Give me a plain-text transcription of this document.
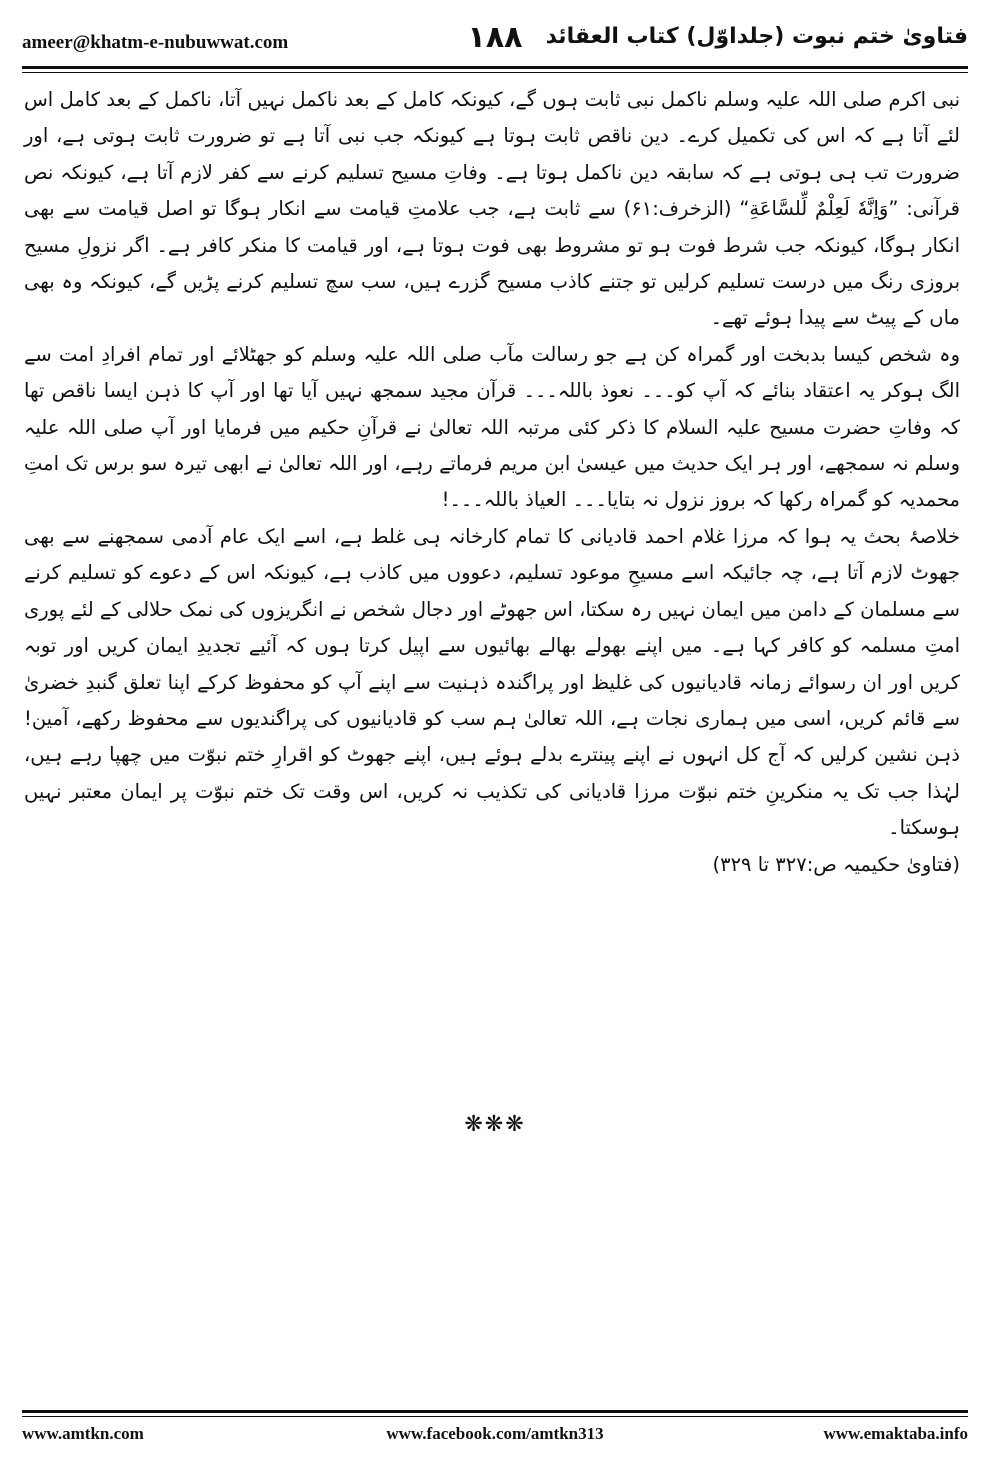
ameer@khatm-e-nubuwwat.com	۱۸۸	فتاویٰ ختم نبوت (جلداوّل) کتاب العقائد

نبی اکرم صلی اللہ علیہ وسلم ناکمل نبی ثابت ہوں گے، کیونکہ کامل کے بعد ناکمل نہیں آتا، ناکمل کے بعد کامل اس لئے آتا ہے کہ اس کی تکمیل کرے۔ دین ناقص ثابت ہوتا ہے کیونکہ جب نبی آتا ہے تو ضرورت ثابت ہوتی ہے، اور ضرورت تب ہی ہوتی ہے کہ سابقہ دین ناکمل ہوتا ہے۔ وفاتِ مسیح تسلیم کرنے سے کفر لازم آتا ہے، کیونکہ نص قرآنی: ”وَاِنَّهٗ لَعِلْمٌ لِّلسَّاعَةِ“ (الزخرف:۶۱) سے ثابت ہے، جب علامتِ قیامت سے انکار ہوگا تو اصل قیامت سے بھی انکار ہوگا، کیونکہ جب شرط فوت ہو تو مشروط بھی فوت ہوتا ہے، اور قیامت کا منکر کافر ہے۔ اگر نزولِ مسیح بروزی رنگ میں درست تسلیم کرلیں تو جتنے کاذب مسیح گزرے ہیں، سب سچ تسلیم کرنے پڑیں گے، کیونکہ وہ بھی ماں کے پیٹ سے پیدا ہوئے تھے۔

وہ شخص کیسا بدبخت اور گمراہ کن ہے جو رسالت مآب صلی اللہ علیہ وسلم کو جھٹلائے اور تمام افرادِ امت سے الگ ہوکر یہ اعتقاد بنائے کہ آپ کو۔۔۔ نعوذ باللہ۔۔۔ قرآن مجید سمجھ نہیں آیا تھا اور آپ کا ذہن ایسا ناقص تھا کہ وفاتِ حضرت مسیح علیہ السلام کا ذکر کئی مرتبہ اللہ تعالیٰ نے قرآنِ حکیم میں فرمایا اور آپ صلی اللہ علیہ وسلم نہ سمجھے، اور ہر ایک حدیث میں عیسیٰ ابن مریم فرماتے رہے، اور اللہ تعالیٰ نے ابھی تیرہ سو برس تک امتِ محمدیہ کو گمراہ رکھا کہ بروز نزول نہ بتایا۔۔۔ العیاذ باللہ۔۔۔!

خلاصۂ بحث یہ ہوا کہ مرزا غلام احمد قادیانی کا تمام کارخانہ ہی غلط ہے، اسے ایک عام آدمی سمجھنے سے بھی جھوٹ لازم آتا ہے، چہ جائیکہ اسے مسیحِ موعود تسلیم، دعووں میں کاذب ہے، کیونکہ اس کے دعوے کو تسلیم کرنے سے مسلمان کے دامن میں ایمان نہیں رہ سکتا، اس جھوٹے اور دجال شخص نے انگریزوں کی نمک حلالی کے لئے پوری امتِ مسلمہ کو کافر کہا ہے۔ میں اپنے بھولے بھالے بھائیوں سے اپیل کرتا ہوں کہ آئیے تجدیدِ ایمان کریں اور توبہ کریں اور ان رسوائے زمانہ قادیانیوں کی غلیظ اور پراگندہ ذہنیت سے اپنے آپ کو محفوظ کرکے اپنا تعلق گنبدِ خضریٰ سے قائم کریں، اسی میں ہماری نجات ہے، اللہ تعالیٰ ہم سب کو قادیانیوں کی پراگندیوں سے محفوظ رکھے، آمین! ذہن نشین کرلیں کہ آج کل انہوں نے اپنے پینترے بدلے ہوئے ہیں، اپنے جھوٹ کو اقرارِ ختم نبوّت میں چھپا رہے ہیں، لہٰذا جب تک یہ منکرینِ ختم نبوّت مرزا قادیانی کی تکذیب نہ کریں، اس وقت تک ختم نبوّت پر ایمان معتبر نہیں ہوسکتا۔

(فتاویٰ حکیمیہ ص:۳۲۷ تا ۳۲۹)

❋❋❋
www.amtkn.com	www.facebook.com/amtkn313	www.emaktaba.info
